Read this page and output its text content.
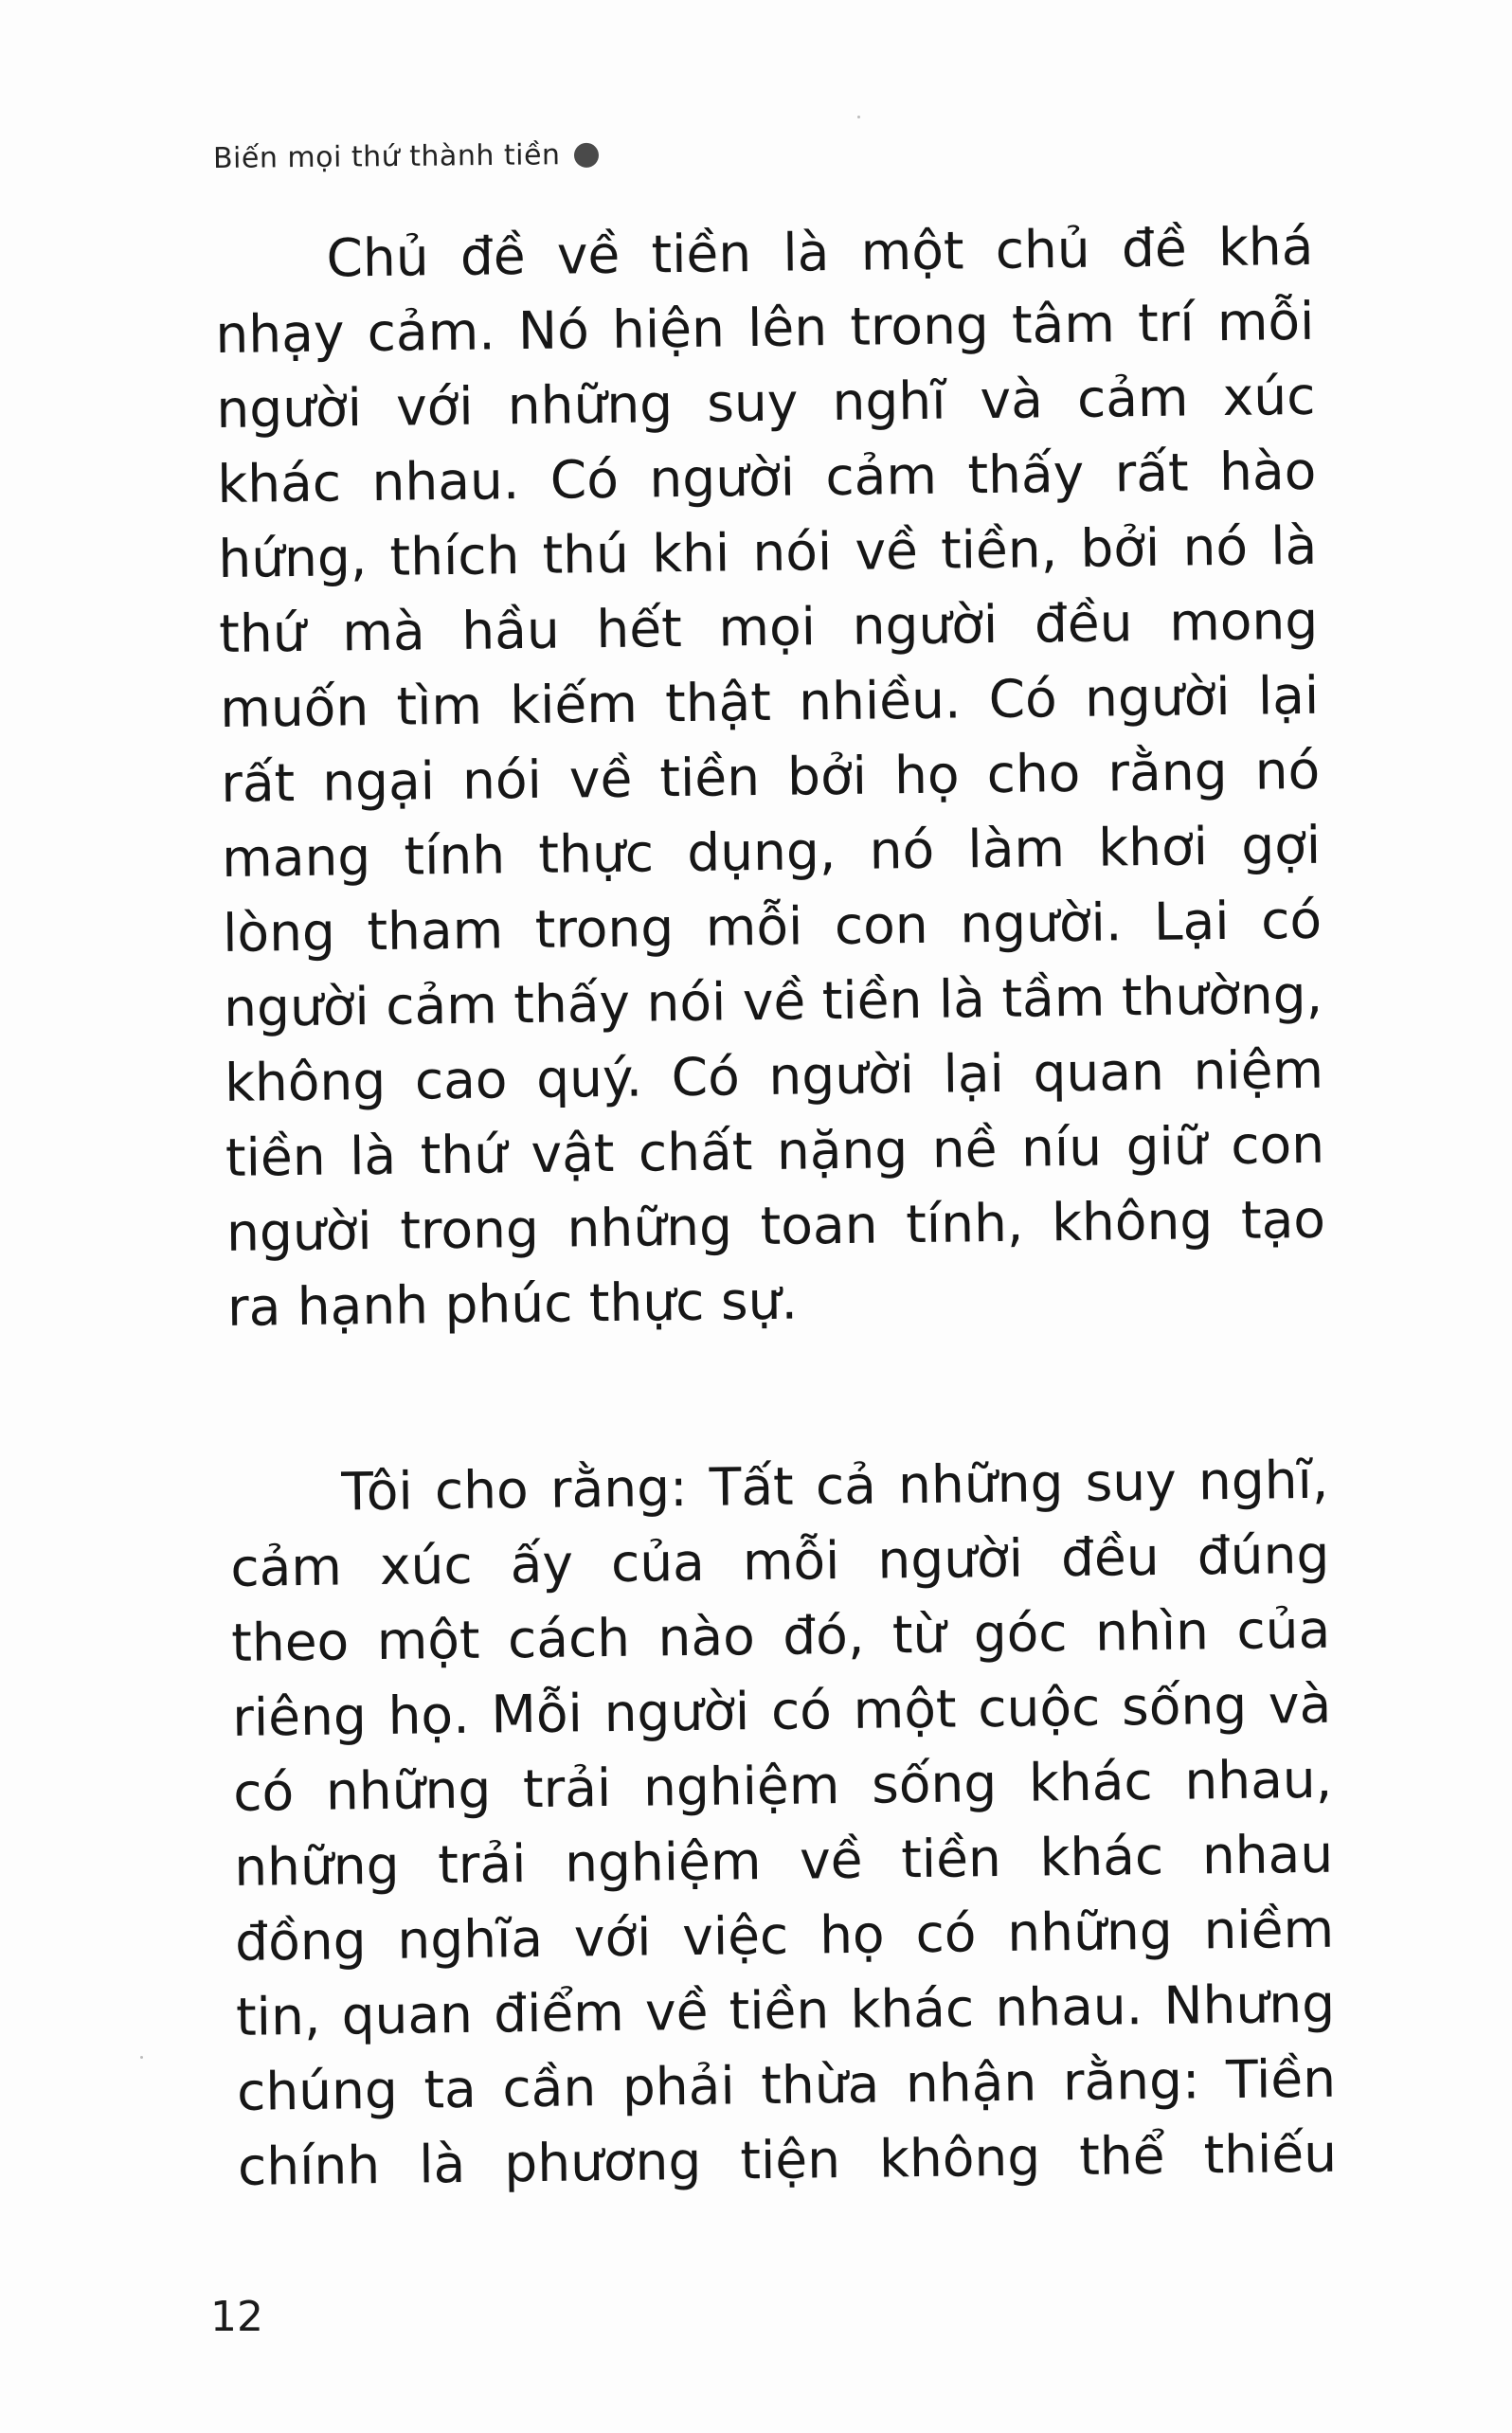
Biến mọi thứ thành tiền
Chủ đề về tiền là một chủ đề khá
nhạy cảm. Nó hiện lên trong tâm trí mỗi
người với những suy nghĩ và cảm xúc
khác nhau. Có người cảm thấy rất hào
hứng, thích thú khi nói về tiền, bởi nó là
thứ mà hầu hết mọi người đều mong
muốn tìm kiếm thật nhiều. Có người lại
rất ngại nói về tiền bởi họ cho rằng nó
mang tính thực dụng, nó làm khơi gợi
lòng tham trong mỗi con người. Lại có
người cảm thấy nói về tiền là tầm thường,
không cao quý. Có người lại quan niệm
tiền là thứ vật chất nặng nề níu giữ con
người trong những toan tính, không tạo
ra hạnh phúc thực sự.
Tôi cho rằng: Tất cả những suy nghĩ,
cảm xúc ấy của mỗi người đều đúng
theo một cách nào đó, từ góc nhìn của
riêng họ. Mỗi người có một cuộc sống và
có những trải nghiệm sống khác nhau,
những trải nghiệm về tiền khác nhau
đồng nghĩa với việc họ có những niềm
tin, quan điểm về tiền khác nhau. Nhưng
chúng ta cần phải thừa nhận rằng: Tiền
chính là phương tiện không thể thiếu
12
